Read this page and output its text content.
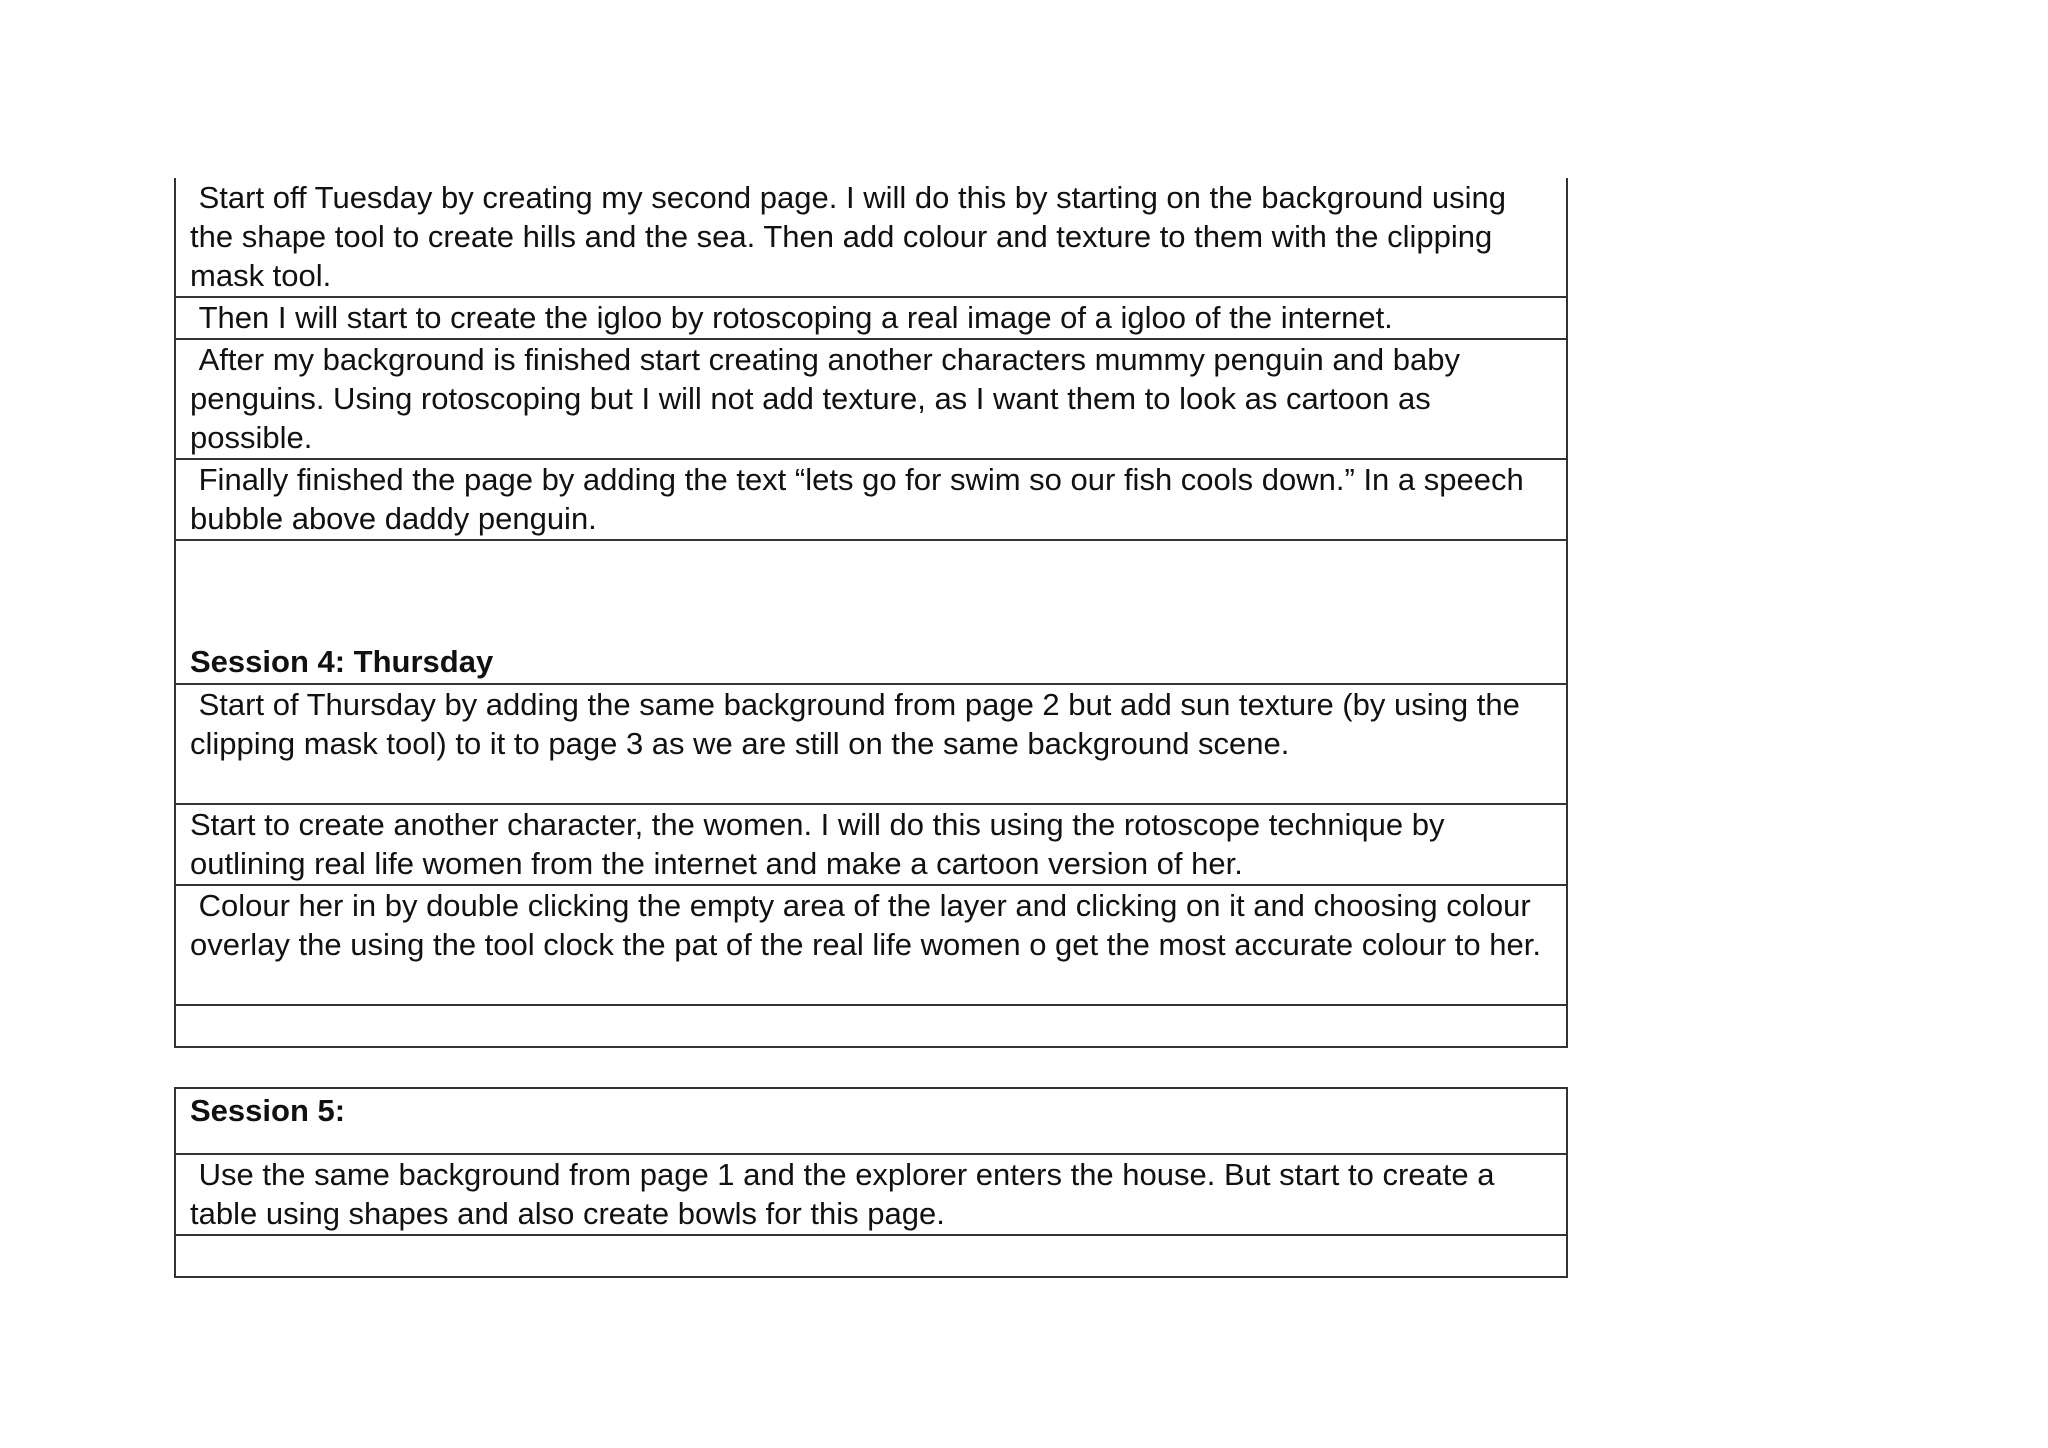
Start off Tuesday by creating my second page. I will do this by starting on the background using the shape tool to create hills and the sea. Then add colour and texture to them with the clipping mask tool.
Then I will start to create the igloo by rotoscoping a real image of a igloo of the internet.
After my background is finished start creating another characters mummy penguin and baby penguins. Using rotoscoping but I will not add texture, as I want them to look as cartoon as possible.
Finally finished the page by adding the text “lets go for swim so our fish cools down.” In a speech bubble above daddy penguin.
Session 4: Thursday
Start of Thursday by adding the same background from page 2 but add sun texture (by using the clipping mask tool) to it to page 3 as we are still on the same background scene.
Start to create another character, the women. I will do this using the rotoscope technique by outlining real life women from the internet and make a cartoon version of her.
Colour her in by double clicking the empty area of the layer and clicking on it and choosing colour overlay the using the tool clock the pat of the real life women o get the most accurate colour to her.
Session 5:
Use the same background from page 1 and the explorer enters the house. But start to create a table using shapes and also create bowls for this page.
